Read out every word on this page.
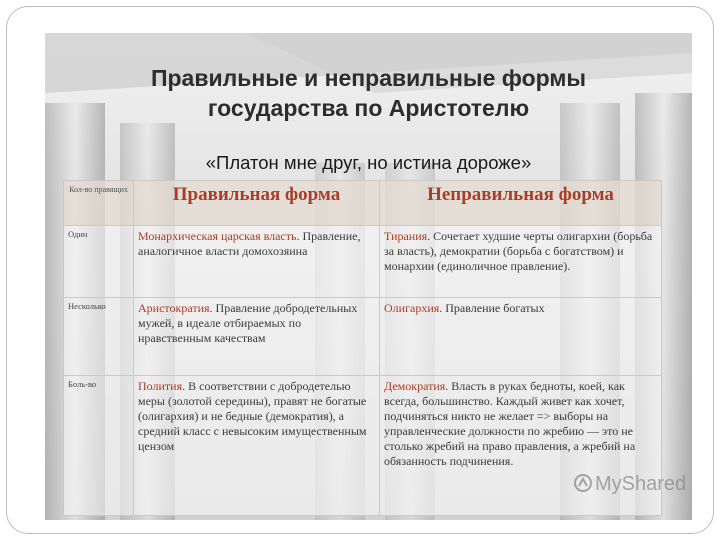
Правильные и неправильные формы
государства по Аристотелю
«Платон мне друг, но истина дороже»
Кол-во правящих	Правильная форма	Неправильная форма
Один	Монархическая царская власть. Правление, аналогичное власти домохозяина	Тирания. Сочетает худшие черты олигархии (борьба за власть), демократии (борьба с богатством) и монархии (единоличное правление).
Несколько	Аристократия. Правление добродетельных мужей, в идеале отбираемых по нравственным качествам	Олигархия. Правление богатых
Боль-во	Полития. В соответствии с добродетелью меры (золотой середины), правят не богатые (олигархия) и не бедные (демократия), а средний класс с невысоким имущественным цензом	Демократия. Власть в руках бедноты, коей, как всегда, большинство. Каждый живет как хочет, подчиняться никто не желает => выборы на управленческие должности по жребию — это не столько жребий на право правления, а жребий на обязанность подчинения.
MyShared
